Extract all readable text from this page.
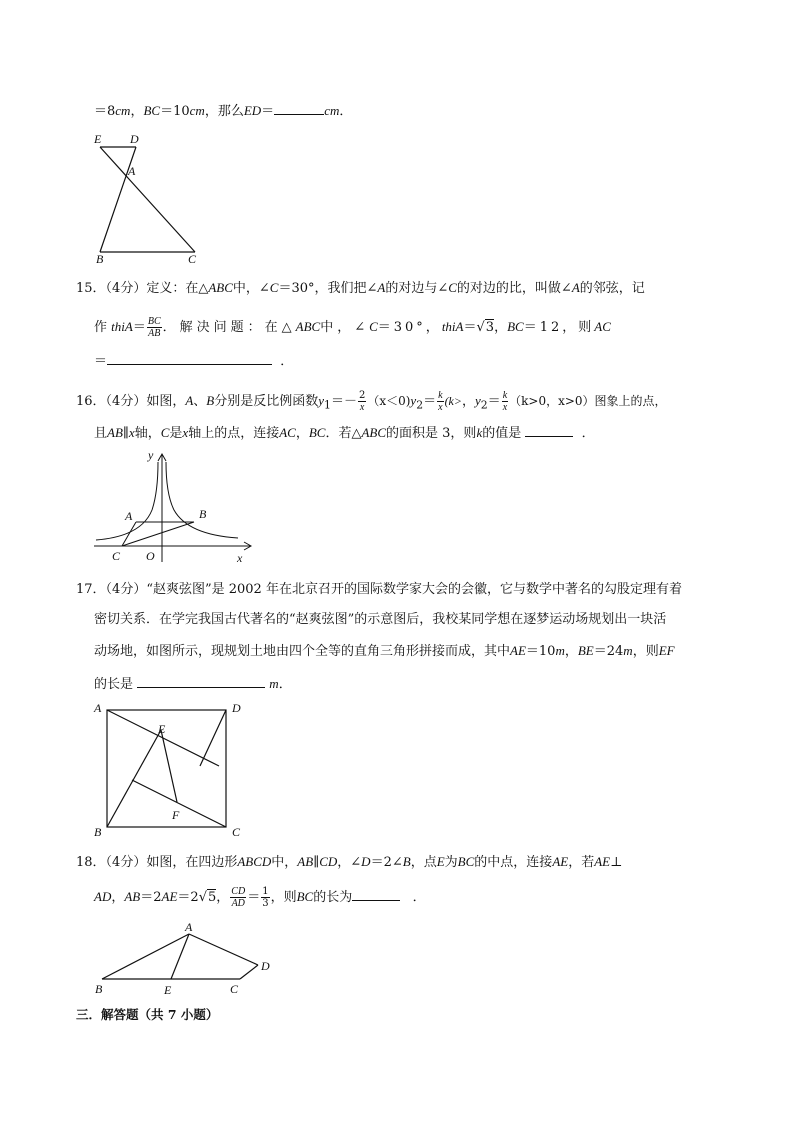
＝8cm，BC＝10cm，那么ED＝	cm．
E D
A
B	C
15．（4分）定义：在△ABC中，∠C＝30°，我们把∠A的对边与∠C的对边的比，叫做∠A的邻弦，记
作 thiA＝ $\frac{BC}{AB}$ ．解决问题：在△ABC中，∠C＝30°，thiA＝√3，BC＝12，则AC
＝	．
16．（4分）如图，A、B分别是反比例函数$y_1=- \frac{2}{x} (x<0)y_2= \frac{k}{x} (k>$，$y_2= \frac{k}{x} (k>0$，x>0）图象上的点，
且AB∥x轴，C是x轴上的点，连接AC，BC．若△ABC的面积是 3，则k的值是	．
y
x
A	B
C O
17．（4分）“赵爽弦图”是 2002 年在北京召开的国际数学家大会的会徽，它与数学中著名的勾股定理有着
密切关系．在学完我国古代著名的“赵爽弦图”的示意图后，我校某同学想在逐梦运动场规划出一块活
动场地，如图所示，现规划土地由四个全等的直角三角形拼接而成，其中AE＝10m，BE＝24m，则EF
的长是	m．
A	D
E
F
B	C
18．（4分）如图，在四边形ABCD中，AB∥CD，∠D＝2∠B，点E为BC的中点，连接AE，若AE⊥
AD，AB＝2AE＝2√5， $\frac{CD}{AD} = \frac{1}{3}$ ，则BC的长为	．
A
B	E	C
D
三．解答题（共 7 小题）
